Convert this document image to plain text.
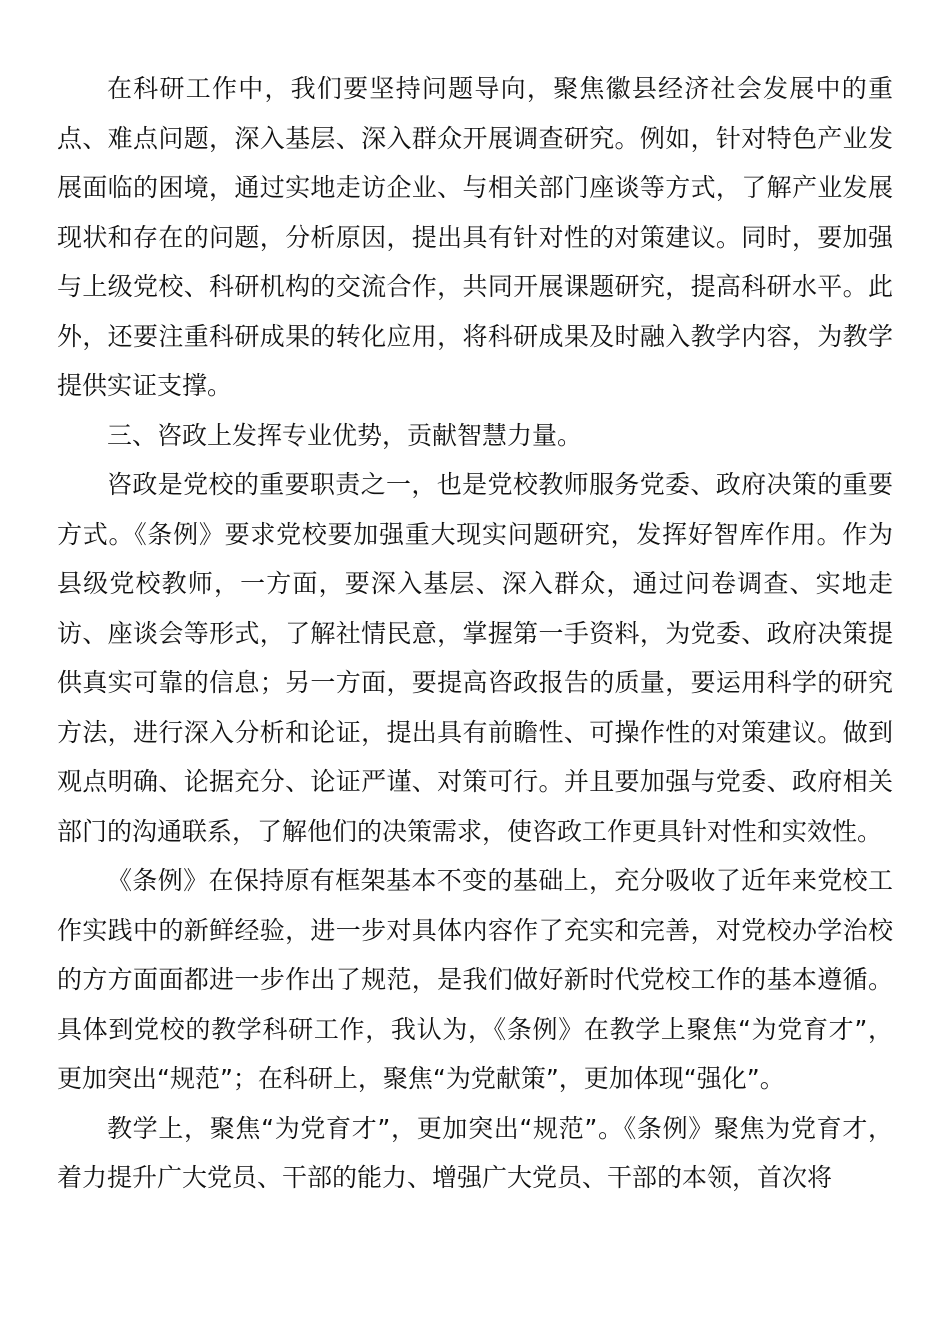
在科研工作中，我们要坚持问题导向，聚焦徽县经济社会发展中的重点、难点问题，深入基层、深入群众开展调查研究。例如，针对特色产业发展面临的困境，通过实地走访企业、与相关部门座谈等方式，了解产业发展现状和存在的问题，分析原因，提出具有针对性的对策建议。同时，要加强与上级党校、科研机构的交流合作，共同开展课题研究，提高科研水平。此外，还要注重科研成果的转化应用，将科研成果及时融入教学内容，为教学提供实证支撑。

三、咨政上发挥专业优势，贡献智慧力量。

咨政是党校的重要职责之一，也是党校教师服务党委、政府决策的重要方式。《条例》要求党校要加强重大现实问题研究，发挥好智库作用。作为县级党校教师，一方面，要深入基层、深入群众，通过问卷调查、实地走访、座谈会等形式，了解社情民意，掌握第一手资料，为党委、政府决策提供真实可靠的信息；另一方面，要提高咨政报告的质量，要运用科学的研究方法，进行深入分析和论证，提出具有前瞻性、可操作性的对策建议。做到观点明确、论据充分、论证严谨、对策可行。并且要加强与党委、政府相关部门的沟通联系，了解他们的决策需求，使咨政工作更具针对性和实效性。

《条例》在保持原有框架基本不变的基础上，充分吸收了近年来党校工作实践中的新鲜经验，进一步对具体内容作了充实和完善，对党校办学治校的方方面面都进一步作出了规范，是我们做好新时代党校工作的基本遵循。具体到党校的教学科研工作，我认为，《条例》在教学上聚焦“为党育才”，更加突出“规范”；在科研上，聚焦“为党献策”，更加体现“强化”。

教学上，聚焦“为党育才”，更加突出“规范”。《条例》聚焦为党育才，着力提升广大党员、干部的能力、增强广大党员、干部的本领，首次将
